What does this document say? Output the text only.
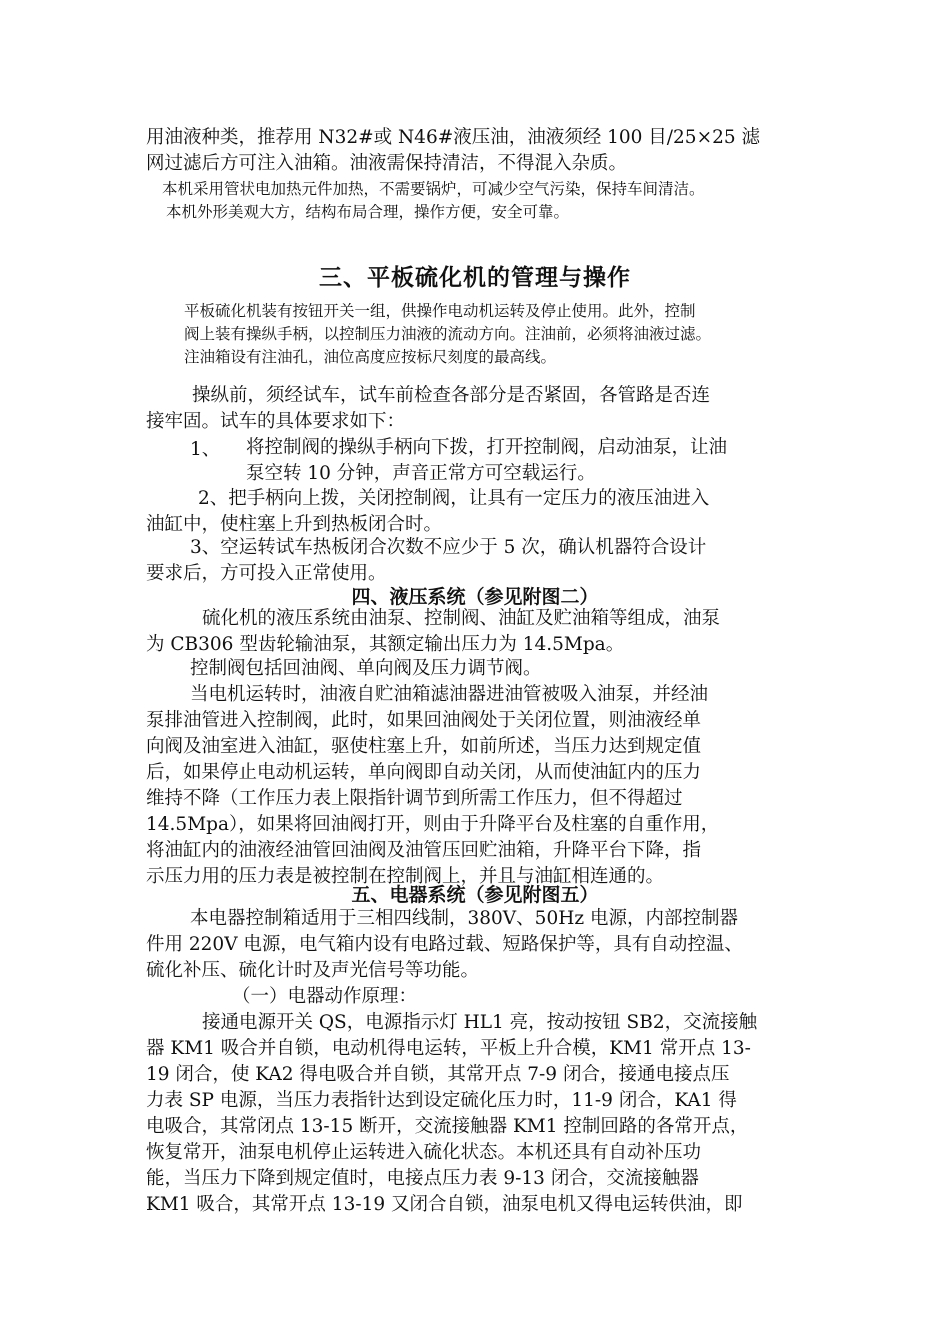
用油液种类，推荐用 N32#或 N46#液压油，油液须经 100 目/25×25 滤
网过滤后方可注入油箱。油液需保持清洁，不得混入杂质。
本机采用管状电加热元件加热，不需要锅炉，可减少空气污染，保持车间清洁。
本机外形美观大方，结构布局合理，操作方便，安全可靠。
三、平板硫化机的管理与操作
平板硫化机装有按钮开关一组，供操作电动机运转及停止使用。此外，控制
阀上装有操纵手柄，以控制压力油液的流动方向。注油前，必须将油液过滤。
注油箱设有注油孔，油位高度应按标尺刻度的最高线。
操纵前，须经试车，试车前检查各部分是否紧固，各管路是否连
接牢固。试车的具体要求如下：
1、 将控制阀的操纵手柄向下拨，打开控制阀，启动油泵，让油
泵空转 10 分钟，声音正常方可空载运行。
2、把手柄向上拨，关闭控制阀，让具有一定压力的液压油进入
油缸中，使柱塞上升到热板闭合时。
3、空运转试车热板闭合次数不应少于 5 次，确认机器符合设计
要求后，方可投入正常使用。
四、液压系统（参见附图二）
硫化机的液压系统由油泵、控制阀、油缸及贮油箱等组成，油泵
为 CB306 型齿轮输油泵，其额定输出压力为 14.5Mpa。
控制阀包括回油阀、单向阀及压力调节阀。
当电机运转时，油液自贮油箱滤油器进油管被吸入油泵，并经油
泵排油管进入控制阀，此时，如果回油阀处于关闭位置，则油液经单
向阀及油室进入油缸，驱使柱塞上升，如前所述，当压力达到规定值
后，如果停止电动机运转，单向阀即自动关闭，从而使油缸内的压力
维持不降（工作压力表上限指针调节到所需工作压力，但不得超过
14.5Mpa），如果将回油阀打开，则由于升降平台及柱塞的自重作用，
将油缸内的油液经油管回油阀及油管压回贮油箱，升降平台下降，指
示压力用的压力表是被控制在控制阀上，并且与油缸相连通的。
五、电器系统（参见附图五）
本电器控制箱适用于三相四线制，380V、50Hz 电源，内部控制器
件用 220V 电源，电气箱内设有电路过载、短路保护等，具有自动控温、
硫化补压、硫化计时及声光信号等功能。
（一）电器动作原理：
接通电源开关 QS，电源指示灯 HL1 亮，按动按钮 SB2，交流接触
器 KM1 吸合并自锁，电动机得电运转，平板上升合模，KM1 常开点 13-
19 闭合，使 KA2 得电吸合并自锁，其常开点 7-9 闭合，接通电接点压
力表 SP 电源，当压力表指针达到设定硫化压力时，11-9 闭合，KA1 得
电吸合，其常闭点 13-15 断开，交流接触器 KM1 控制回路的各常开点，
恢复常开，油泵电机停止运转进入硫化状态。本机还具有自动补压功
能，当压力下降到规定值时，电接点压力表 9-13 闭合，交流接触器
KM1 吸合，其常开点 13-19 又闭合自锁，油泵电机又得电运转供油，即
